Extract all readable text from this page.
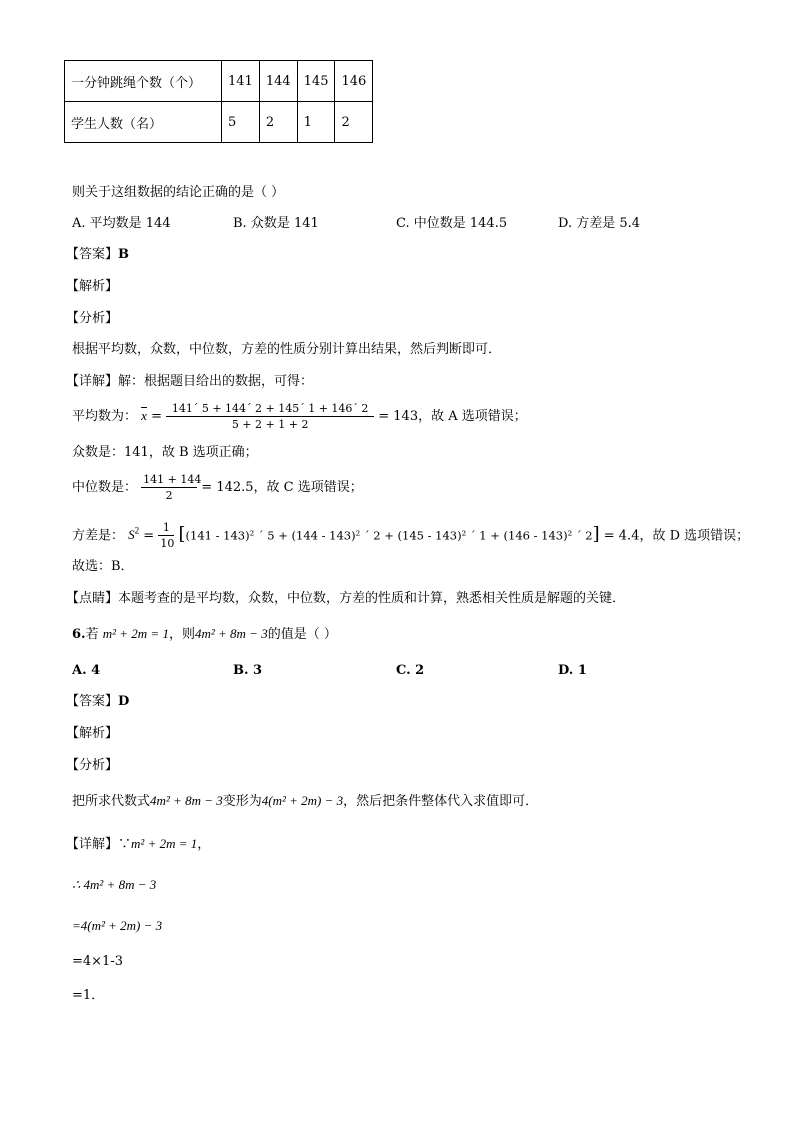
一分钟跳绳个数（个）	141	144	145	146
学生人数（名）	5	2	1	2
则关于这组数据的结论正确的是（ ）
A. 平均数是 144	B. 众数是 141	C. 中位数是 144.5	D. 方差是 5.4
【答案】B
【解析】
【分析】
根据平均数，众数，中位数，方差的性质分别计算出结果，然后判断即可．
【详解】解：根据题目给出的数据，可得：
平均数为： $\overline{x} = \frac{141´ 5 + 144´ 2 + 145´ 1 + 146´ 2}{5 + 2 + 1 + 2} = 143$，故 A 选项错误；
众数是：141，故 B 选项正确；
中位数是： $\frac{141 + 144}{2} = 142.5$，故 C 选项错误；
方差是： $S^2 = \frac{1}{10} [(141 - 143)^2$ ´ 5 + (144 - 143)² ´ 2 + (145 - 143)² ´ 1 + (146 - 143)² ´ 2] = 4.4，故 D 选项错误；
故选：B．
【点睛】本题考查的是平均数，众数，中位数，方差的性质和计算，熟悉相关性质是解题的关键．
6.若 m² + 2m = 1，则4m² + 8m − 3的值是（ ）
A. 4	B. 3	C. 2	D. 1
【答案】D
【解析】
【分析】
把所求代数式4m² + 8m − 3变形为4(m² + 2m) − 3，然后把条件整体代入求值即可．
【详解】∵m² + 2m = 1，
∴ 4m² + 8m − 3
=4(m² + 2m) − 3
=4×1-3
=1．
